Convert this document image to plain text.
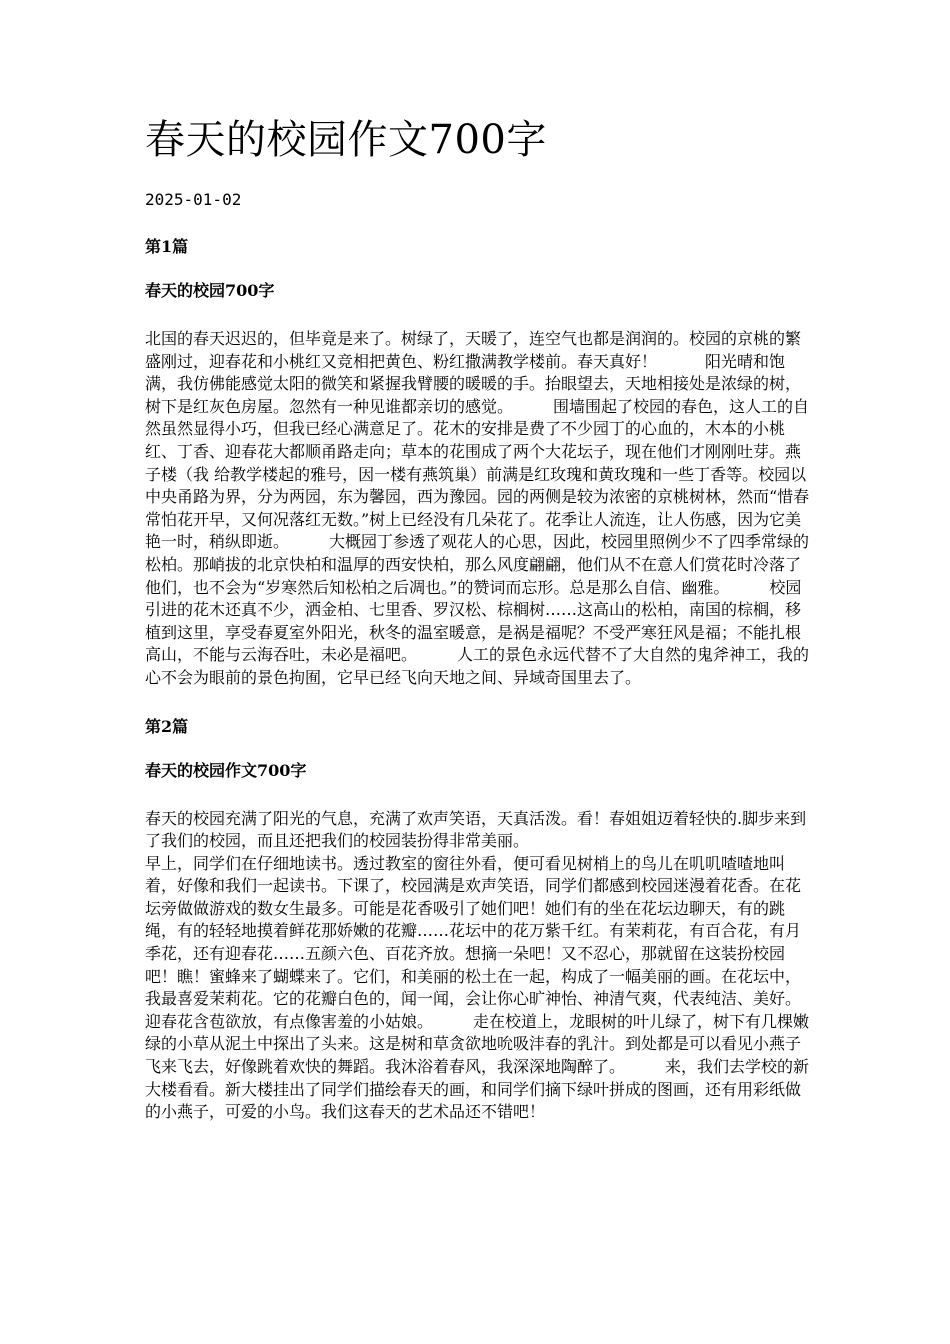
春天的校园作文700字
2025-01-02
第1篇
春天的校园700字
北国的春天迟迟的，但毕竟是来了。树绿了，天暖了，连空气也都是润润的。校园的京桃的繁盛刚过，迎春花和小桃红又竞相把黄色、粉红撒满教学楼前。春天真好！　　　阳光晴和饱满，我仿佛能感觉太阳的微笑和紧握我臂腰的暖暖的手。抬眼望去，天地相接处是浓绿的树，树下是红灰色房屋。忽然有一种见谁都亲切的感觉。　　　围墙围起了校园的春色，这人工的自然虽然显得小巧，但我已经心满意足了。花木的安排是费了不少园丁的心血的，木本的小桃红、丁香、迎春花大都顺甬路走向；草本的花围成了两个大花坛子，现在他们才刚刚吐芽。燕子楼（我 给教学楼起的雅号，因一楼有燕筑巢）前满是红玫瑰和黄玫瑰和一些丁香等。校园以中央甬路为界，分为两园，东为馨园，西为豫园。园的两侧是较为浓密的京桃树林，然而“惜春常怕花开早，又何况落红无数。”树上已经没有几朵花了。花季让人流连，让人伤感，因为它美艳一时，稍纵即逝。　　　大概园丁参透了观花人的心思，因此，校园里照例少不了四季常绿的松柏。那峭拔的北京快柏和温厚的西安快柏，那么风度翩翩，他们从不在意人们赏花时冷落了他们，也不会为“岁寒然后知松柏之后凋也。”的赞词而忘形。总是那么自信、幽雅。　　　校园引进的花木还真不少，洒金柏、七里香、罗汉松、棕榈树……这高山的松柏，南国的棕榈，移植到这里，享受春夏室外阳光，秋冬的温室暖意，是祸是福呢？不受严寒狂风是福；不能扎根高山，不能与云海吞吐，未必是福吧。　　　人工的景色永远代替不了大自然的鬼斧神工，我的心不会为眼前的景色拘囿，它早已经飞向天地之间、异域奇国里去了。
第2篇
春天的校园作文700字
春天的校园充满了阳光的气息，充满了欢声笑语，天真活泼。看！春姐姐迈着轻快的.脚步来到了我们的校园，而且还把我们的校园装扮得非常美丽。
早上，同学们在仔细地读书。透过教室的窗往外看，便可看见树梢上的鸟儿在叽叽喳喳地叫着，好像和我们一起读书。下课了，校园满是欢声笑语，同学们都感到校园迷漫着花香。在花坛旁做做游戏的数女生最多。可能是花香吸引了她们吧！她们有的坐在花坛边聊天，有的跳绳，有的轻轻地摸着鲜花那娇嫩的花瓣……花坛中的花万紫千红。有茉莉花，有百合花，有月季花，还有迎春花……五颜六色、百花齐放。想摘一朵吧！又不忍心，那就留在这装扮校园吧！瞧！蜜蜂来了蝴蝶来了。它们，和美丽的松土在一起，构成了一幅美丽的画。在花坛中，我最喜爱茉莉花。它的花瓣白色的，闻一闻，会让你心旷神怡、神清气爽，代表纯洁、美好。迎春花含苞欲放，有点像害羞的小姑娘。　　　走在校道上，龙眼树的叶儿绿了，树下有几棵嫩绿的小草从泥土中探出了头来。这是树和草贪欲地吮吸沣春的乳汁。到处都是可以看见小燕子飞来飞去，好像跳着欢快的舞蹈。我沐浴着春风，我深深地陶醉了。　　　来，我们去学校的新大楼看看。新大楼挂出了同学们描绘春天的画，和同学们摘下绿叶拼成的图画，还有用彩纸做的小燕子，可爱的小鸟。我们这春天的艺术品还不错吧！
